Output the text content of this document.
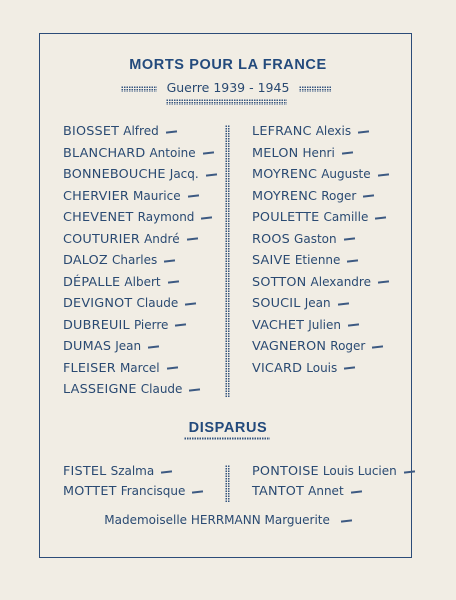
MORTS POUR LA FRANCE
Guerre 1939 - 1945
BIOSSET Alfred
BLANCHARD Antoine
BONNEBOUCHE Jacq.
CHERVIER Maurice
CHEVENET Raymond
COUTURIER André
DALOZ Charles
DÉPALLE Albert
DEVIGNOT Claude
DUBREUIL Pierre
DUMAS Jean
FLEISER Marcel
LASSEIGNE Claude
LEFRANC Alexis
MELON Henri
MOYRENC Auguste
MOYRENC Roger
POULETTE Camille
ROOS Gaston
SAIVE Etienne
SOTTON Alexandre
SOUCIL Jean
VACHET Julien
VAGNERON Roger
VICARD Louis
DISPARUS
FISTEL Szalma
MOTTET Francisque
PONTOISE Louis Lucien
TANTOT Annet
Mademoiselle HERRMANN Marguerite
